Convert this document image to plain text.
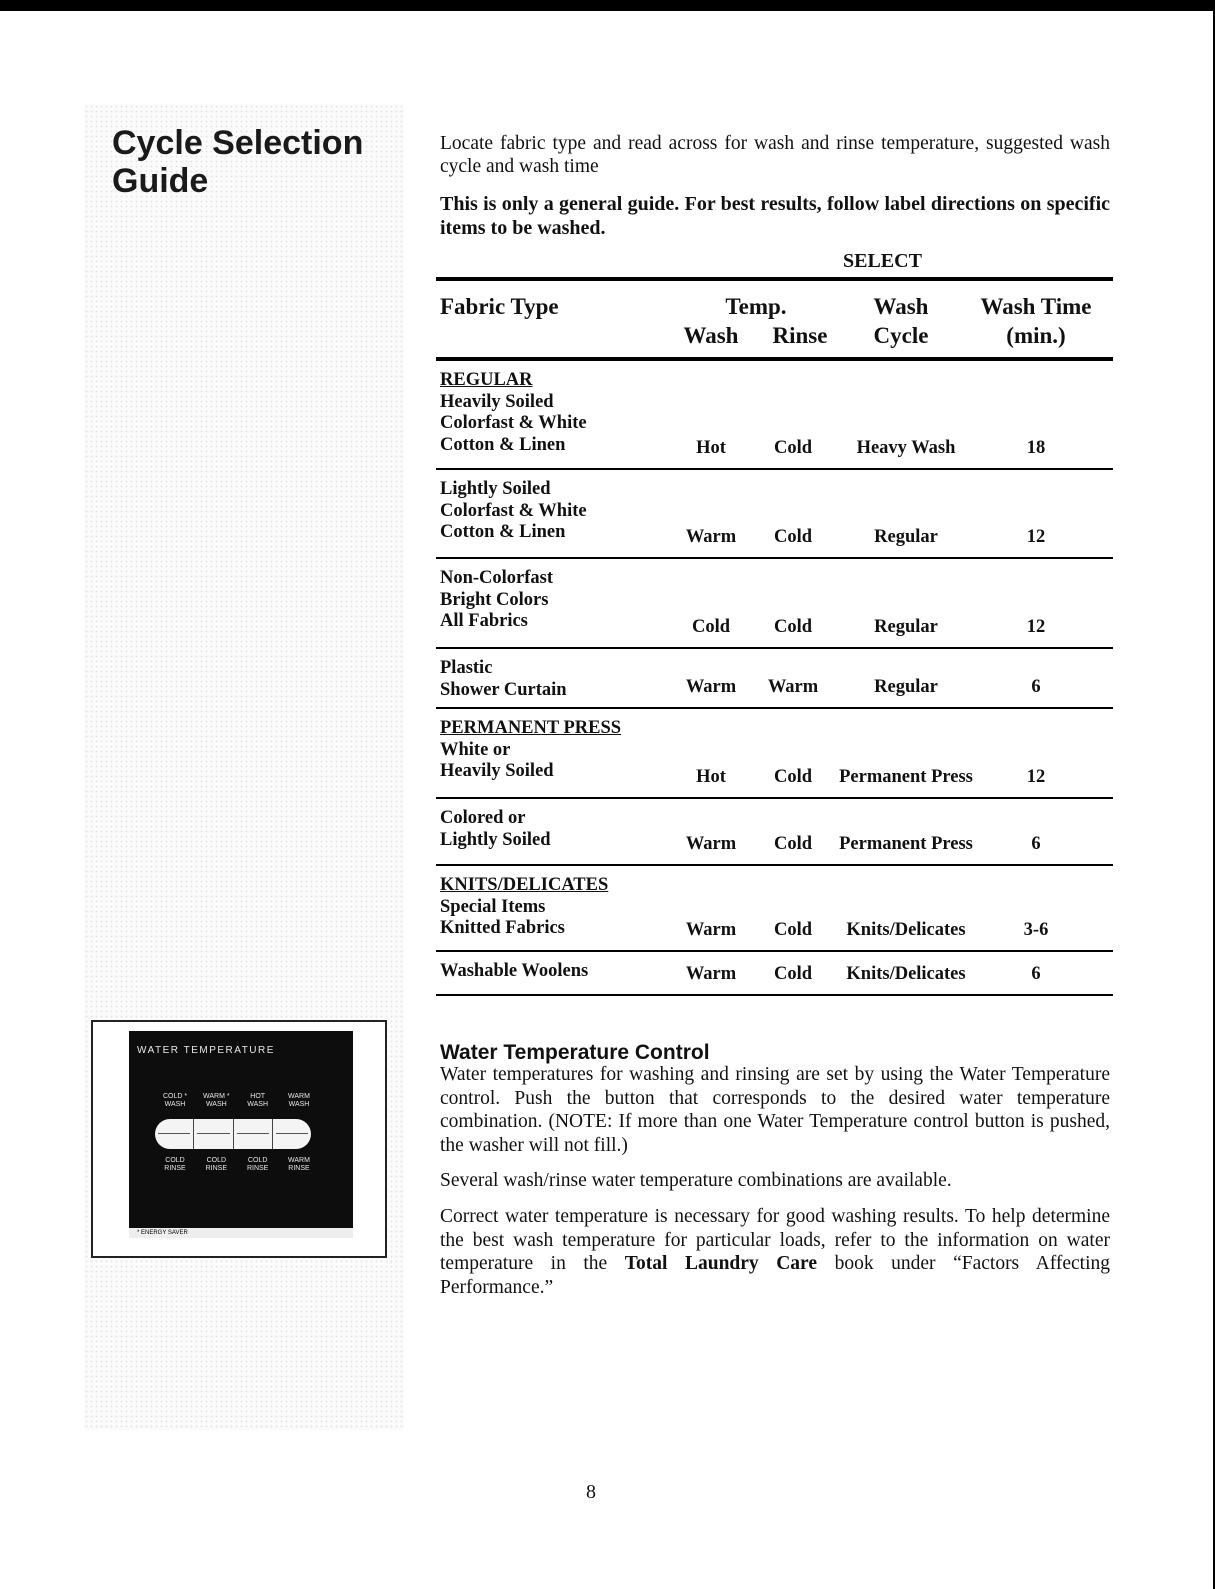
Cycle Selection
Guide
WATER TEMPERATURE
COLD *
WASH
WARM *
WASH
HOT
WASH
WARM
WASH
COLD
RINSE
COLD
RINSE
COLD
RINSE
WARM
RINSE
* ENERGY SAVER

Locate fabric type and read across for wash and rinse temperature, suggested wash cycle and wash time

This is only a general guide. For best results, follow label directions on specific items to be washed.

SELECT
Fabric Type	Temp.
Wash	Rinse
Wash
Cycle
Wash Time
(min.)
REGULAR
Heavily Soiled
Colorfast & White
Cotton & Linen	Hot	Cold	Heavy Wash	18
Lightly Soiled
Colorfast & White
Cotton & Linen	Warm	Cold	Regular	12
Non-Colorfast
Bright Colors
All Fabrics	Cold	Cold	Regular	12
Plastic
Shower Curtain	Warm	Warm	Regular	6
PERMANENT PRESS
White or
Heavily Soiled	Hot	Cold	Permanent Press	12
Colored or
Lightly Soiled	Warm	Cold	Permanent Press	6
KNITS/DELICATES
Special Items
Knitted Fabrics	Warm	Cold	Knits/Delicates	3-6
Washable Woolens	Warm	Cold	Knits/Delicates	6
Water Temperature Control

Water temperatures for washing and rinsing are set by using the Water Temperature control. Push the button that corresponds to the desired water temperature combination. (NOTE: If more than one Water Temperature control button is pushed, the washer will not fill.)

Several wash/rinse water temperature combinations are available.

Correct water temperature is necessary for good washing results. To help determine the best wash temperature for particular loads, refer to the information on water temperature in the Total Laundry Care book under “Factors Affecting Performance.”

8
